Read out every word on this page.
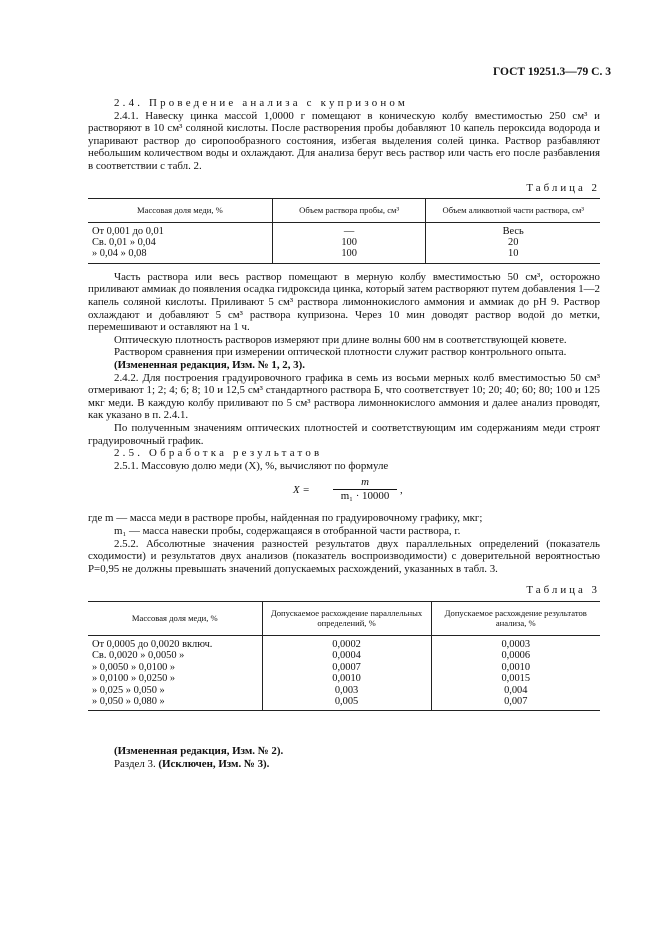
ГОСТ 19251.3—79 С. 3

2.4. Проведение анализа с купризоном

2.4.1. Навеску цинка массой 1,0000 г помещают в коническую колбу вместимостью 250 см³ и растворяют в 10 см³ соляной кислоты. После растворения пробы добавляют 10 капель пероксида водорода и упаривают раствор до сиропообразного состояния, избегая выделения солей цинка. Раствор разбавляют небольшим количеством воды и охлаждают. Для анализа берут весь раствор или часть его после разбавления в соответствии с табл. 2.

Таблица 2
Массовая доля меди, %	Объем раствора пробы, см³	Объем аликвотной части раствора, см³
От 0,001 до 0,01	—	Весь
Св. 0,01 » 0,04	100	20
» 0,04 » 0,08	100	10

Часть раствора или весь раствор помещают в мерную колбу вместимостью 50 см³, осторожно приливают аммиак до появления осадка гидроксида цинка, который затем растворяют путем добавления 1—2 капель соляной кислоты. Приливают 5 см³ раствора лимоннокислого аммония и аммиак до pH 9. Раствор охлаждают и добавляют 5 см³ раствора купризона. Через 10 мин доводят раствор водой до метки, перемешивают и оставляют на 1 ч.

Оптическую плотность растворов измеряют при длине волны 600 нм в соответствующей кювете.

Раствором сравнения при измерении оптической плотности служит раствор контрольного опыта.

(Измененная редакция, Изм. № 1, 2, 3).

2.4.2. Для построения градуировочного графика в семь из восьми мерных колб вместимостью 50 см³ отмеривают 1; 2; 4; 6; 8; 10 и 12,5 см³ стандартного раствора Б, что соответствует 10; 20; 40; 60; 80; 100 и 125 мкг меди. В каждую колбу приливают по 5 см³ раствора лимоннокислого аммония и далее анализ проводят, как указано в п. 2.4.1.

По полученным значениям оптических плотностей и соответствующим им содержаниям меди строят градуировочный график.

2.5. Обработка результатов

2.5.1. Массовую долю меди (X), %, вычисляют по формуле

$X = \frac{m}{\text{m₁ · 10000}}$ ,

где m — масса меди в растворе пробы, найденная по градуировочному графику, мкг;

m₁ — масса навески пробы, содержащаяся в отобранной части раствора, г.

2.5.2. Абсолютные значения разностей результатов двух параллельных определений (показатель сходимости) и результатов двух анализов (показатель воспроизводимости) с доверительной вероятностью P=0,95 не должны превышать значений допускаемых расхождений, указанных в табл. 3.

Таблица 3
Массовая доля меди, %	Допускаемое расхождение параллельных определений, %	Допускаемое расхождение результатов анализа, %
От 0,0005 до 0,0020 включ.	0,0002	0,0003
Св. 0,0020 » 0,0050 »	0,0004	0,0006
» 0,0050 » 0,0100 »	0,0007	0,0010
» 0,0100 » 0,0250 »	0,0010	0,0015
» 0,025 » 0,050 »	0,003	0,004
» 0,050 » 0,080 »	0,005	0,007

(Измененная редакция, Изм. № 2).

Раздел 3. (Исключен, Изм. № 3).
